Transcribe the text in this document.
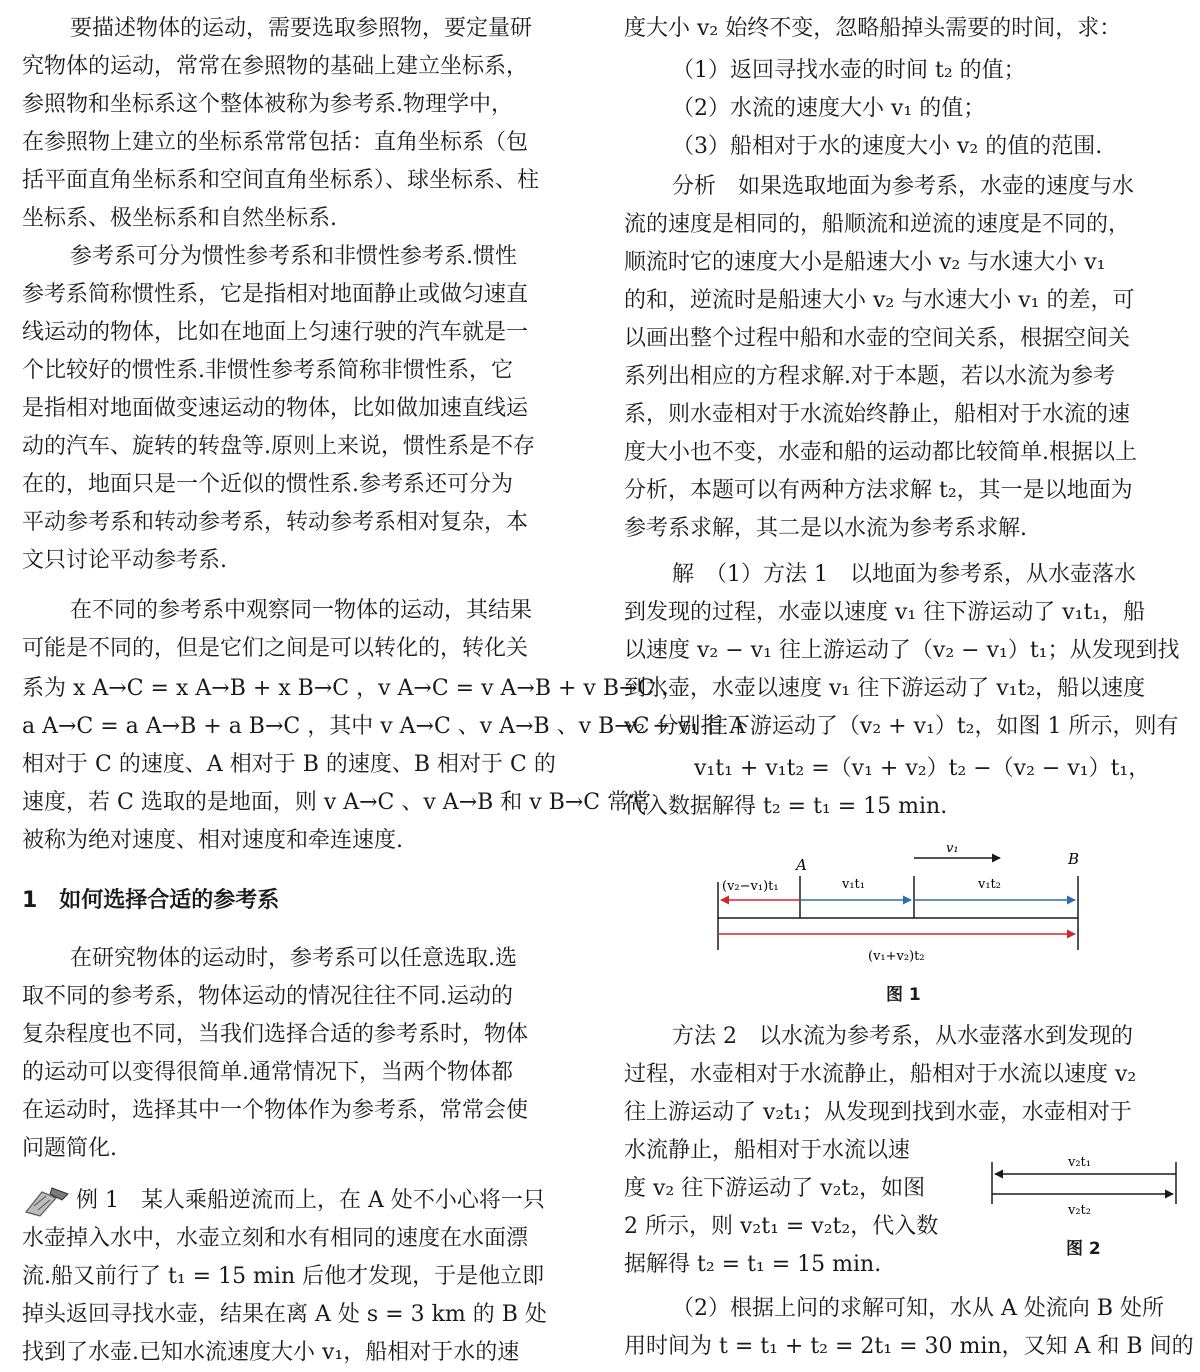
要描述物体的运动，需要选取参照物，要定量研
究物体的运动，常常在参照物的基础上建立坐标系，
参照物和坐标系这个整体被称为参考系.物理学中，
在参照物上建立的坐标系常常包括：直角坐标系（包
括平面直角坐标系和空间直角坐标系）、球坐标系、柱
坐标系、极坐标系和自然坐标系.
参考系可分为惯性参考系和非惯性参考系.惯性
参考系简称惯性系，它是指相对地面静止或做匀速直
线运动的物体，比如在地面上匀速行驶的汽车就是一
个比较好的惯性系.非惯性参考系简称非惯性系，它
是指相对地面做变速运动的物体，比如做加速直线运
动的汽车、旋转的转盘等.原则上来说，惯性系是不存
在的，地面只是一个近似的惯性系.参考系还可分为
平动参考系和转动参考系，转动参考系相对复杂，本
文只讨论平动参考系.
在不同的参考系中观察同一物体的运动，其结果
可能是不同的，但是它们之间是可以转化的，转化关
系为 x A→C = x A→B + x B→C ，v A→C = v A→B + v B→C ，
a A→C = a A→B + a B→C ，其中 v A→C 、v A→B 、v B→C 分别指 A
相对于 C 的速度、A 相对于 B 的速度、B 相对于 C 的
速度，若 C 选取的是地面，则 v A→C 、v A→B 和 v B→C 常常
被称为绝对速度、相对速度和牵连速度.
1　如何选择合适的参考系
在研究物体的运动时，参考系可以任意选取.选
取不同的参考系，物体运动的情况往往不同.运动的
复杂程度也不同，当我们选择合适的参考系时，物体
的运动可以变得很简单.通常情况下，当两个物体都
在运动时，选择其中一个物体作为参考系，常常会使
问题简化.
例 1　某人乘船逆流而上，在 A 处不小心将一只
水壶掉入水中，水壶立刻和水有相同的速度在水面漂
流.船又前行了 t₁ = 15 min 后他才发现，于是他立即
掉头返回寻找水壶，结果在离 A 处 s = 3 km 的 B 处
找到了水壶.已知水流速度大小 v₁，船相对于水的速
度大小 v₂ 始终不变，忽略船掉头需要的时间，求：
（1）返回寻找水壶的时间 t₂ 的值；
（2）水流的速度大小 v₁ 的值；
（3）船相对于水的速度大小 v₂ 的值的范围.
分析　如果选取地面为参考系，水壶的速度与水
流的速度是相同的，船顺流和逆流的速度是不同的，
顺流时它的速度大小是船速大小 v₂ 与水速大小 v₁
的和，逆流时是船速大小 v₂ 与水速大小 v₁ 的差，可
以画出整个过程中船和水壶的空间关系，根据空间关
系列出相应的方程求解.对于本题，若以水流为参考
系，则水壶相对于水流始终静止，船相对于水流的速
度大小也不变，水壶和船的运动都比较简单.根据以上
分析，本题可以有两种方法求解 t₂，其一是以地面为
参考系求解，其二是以水流为参考系求解.
解　（1）方法 1　以地面为参考系，从水壶落水
到发现的过程，水壶以速度 v₁ 往下游运动了 v₁t₁，船
以速度 v₂ − v₁ 往上游运动了（v₂ − v₁）t₁；从发现到找
到水壶，水壶以速度 v₁ 往下游运动了 v₁t₂，船以速度
v₂ + v₁ 往下游运动了（v₂ + v₁）t₂，如图 1 所示，则有
v₁t₁ + v₁t₂ =（v₁ + v₂）t₂ −（v₂ − v₁）t₁，
代入数据解得 t₂ = t₁ = 15 min.
v₁
A	B
(v₂−v₁)t₁	v₁t₁	v₁t₂
(v₁+v₂)t₂
图 1
方法 2　以水流为参考系，从水壶落水到发现的
过程，水壶相对于水流静止，船相对于水流以速度 v₂
往上游运动了 v₂t₁；从发现到找到水壶，水壶相对于
水流静止，船相对于水流以速
度 v₂ 往下游运动了 v₂t₂，如图
2 所示，则 v₂t₁ = v₂t₂，代入数
据解得 t₂ = t₁ = 15 min.
v₂t₁
v₂t₂
图 2
（2）根据上问的求解可知，水从 A 处流向 B 处所
用时间为 t = t₁ + t₂ = 2t₁ = 30 min，又知 A 和 B 间的
